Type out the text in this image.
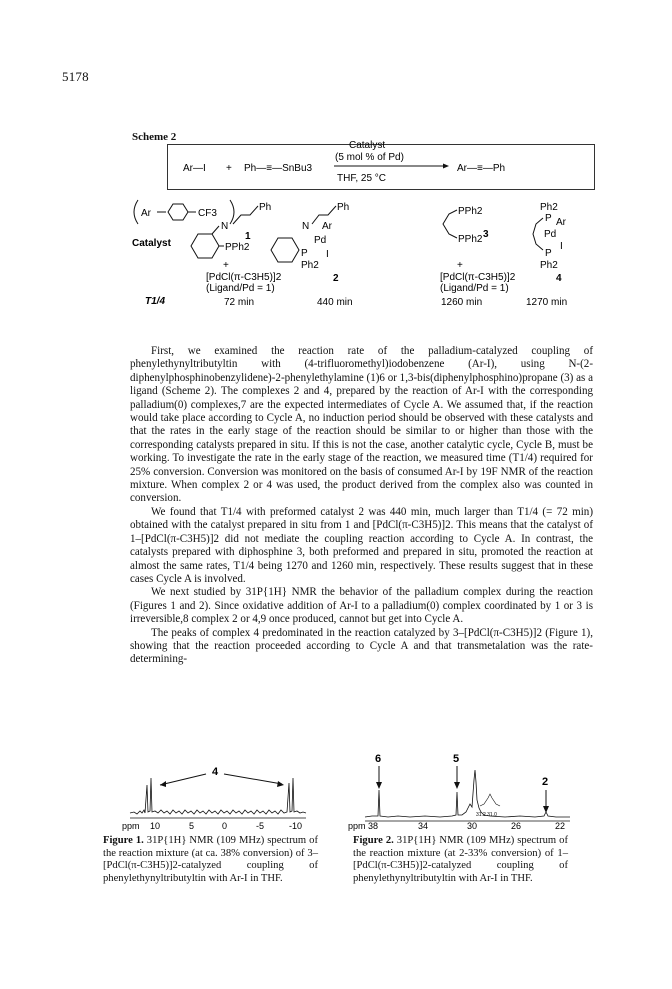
5178
Scheme 2
Ar—I + Ph—≡—SnBu3
Catalyst
(5 mol % of Pd)
THF, 25 °C
Ar—≡—Ph
Ar	CF3
Catalyst
T1/4
Ph
N
PPh2
1
+
[PdCl(π-C3H5)]2
(Ligand/Pd = 1)
72 min
Ph
N Ar
Pd
P I
Ph2
2
440 min
PPh2
PPh2 3
+
[PdCl(π-C3H5)]2
(Ligand/Pd = 1)
1260 min
Ph2
P Ar
Pd
I
P
Ph2
4
1270 min

First, we examined the reaction rate of the palladium-catalyzed coupling of phenylethynyltributyltin with (4-trifluoromethyl)iodobenzene (Ar-I), using N-(2-diphenylphosphinobenzylidene)-2-phenylethylamine (1)6 or 1,3-bis(diphenylphosphino)propane (3) as a ligand (Scheme 2). The complexes 2 and 4, prepared by the reaction of Ar-I with the corresponding palladium(0) complexes,7 are the expected intermediates of Cycle A. We assumed that, if the reaction would take place according to Cycle A, no induction period should be observed with these catalysts and that the rates in the early stage of the reaction should be similar to or higher than those with the corresponding catalysts prepared in situ. If this is not the case, another catalytic cycle, Cycle B, must be working. To investigate the rate in the early stage of the reaction, we measured time (T1/4) required for 25% conversion. Conversion was monitored on the basis of consumed Ar-I by 19F NMR of the reaction mixture. When complex 2 or 4 was used, the product derived from the complex also was counted in conversion.

We found that T1/4 with preformed catalyst 2 was 440 min, much larger than T1/4 (= 72 min) obtained with the catalyst prepared in situ from 1 and [PdCl(π-C3H5)]2. This means that the catalyst of 1–[PdCl(π-C3H5)]2 did not mediate the coupling reaction according to Cycle A. In contrast, the catalysts prepared with diphosphine 3, both preformed and prepared in situ, promoted the reaction at almost the same rates, T1/4 being 1270 and 1260 min, respectively. These results suggest that in these cases Cycle A is involved.

We next studied by 31P{1H} NMR the behavior of the palladium complex during the reaction (Figures 1 and 2). Since oxidative addition of Ar-I to a palladium(0) complex coordinated by 1 or 3 is irreversible,8 complex 2 or 4,9 once produced, cannot but get into Cycle A.

The peaks of complex 4 predominated in the reaction catalyzed by 3–[PdCl(π-C3H5)]2 (Figure 1), showing that the reaction proceeded according to Cycle A and that transmetalation was the rate-determining-

4
ppm 10	5	0	-5	-10
6	5
2
31.2 31.0
ppm 38	34	30	26	22
Figure 1. 31P{1H} NMR (109 MHz) spectrum of the reaction mixture (at ca. 38% conversion) of 3–[PdCl(π-C3H5)]2-catalyzed coupling of phenylethynyltributyltin with Ar-I in THF.
Figure 2. 31P{1H} NMR (109 MHz) spectrum of the reaction mixture (at 2-33% conversion) of 1–[PdCl(π-C3H5)]2-catalyzed coupling of phenylethynyltributyltin with Ar-I in THF.
